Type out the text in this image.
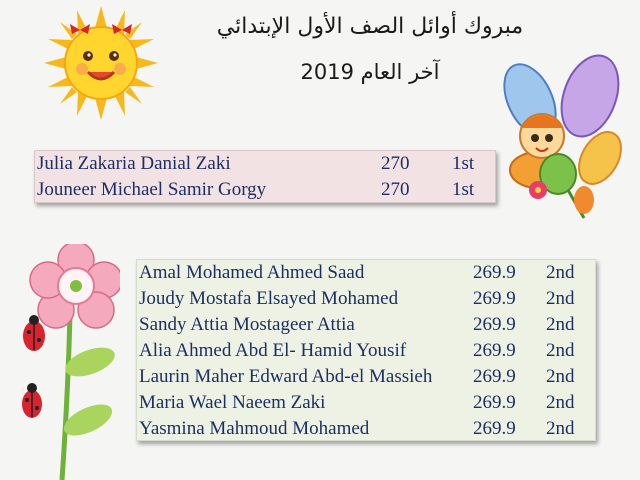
مبروك أوائل الصف الأول الإبتدائي
آخر العام 2019
Julia Zakaria Danial Zaki	270 1st
Jouneer Michael Samir Gorgy	270 1st
Amal Mohamed Ahmed Saad	269.9 2nd
Joudy Mostafa Elsayed Mohamed	269.9 2nd
Sandy Attia Mostageer Attia	269.9 2nd
Alia Ahmed Abd El- Hamid Yousif	269.9 2nd
Laurin Maher Edward Abd-el Massieh 269.9 2nd
Maria Wael Naeem Zaki	269.9 2nd
Yasmina Mahmoud Mohamed	269.9 2nd
